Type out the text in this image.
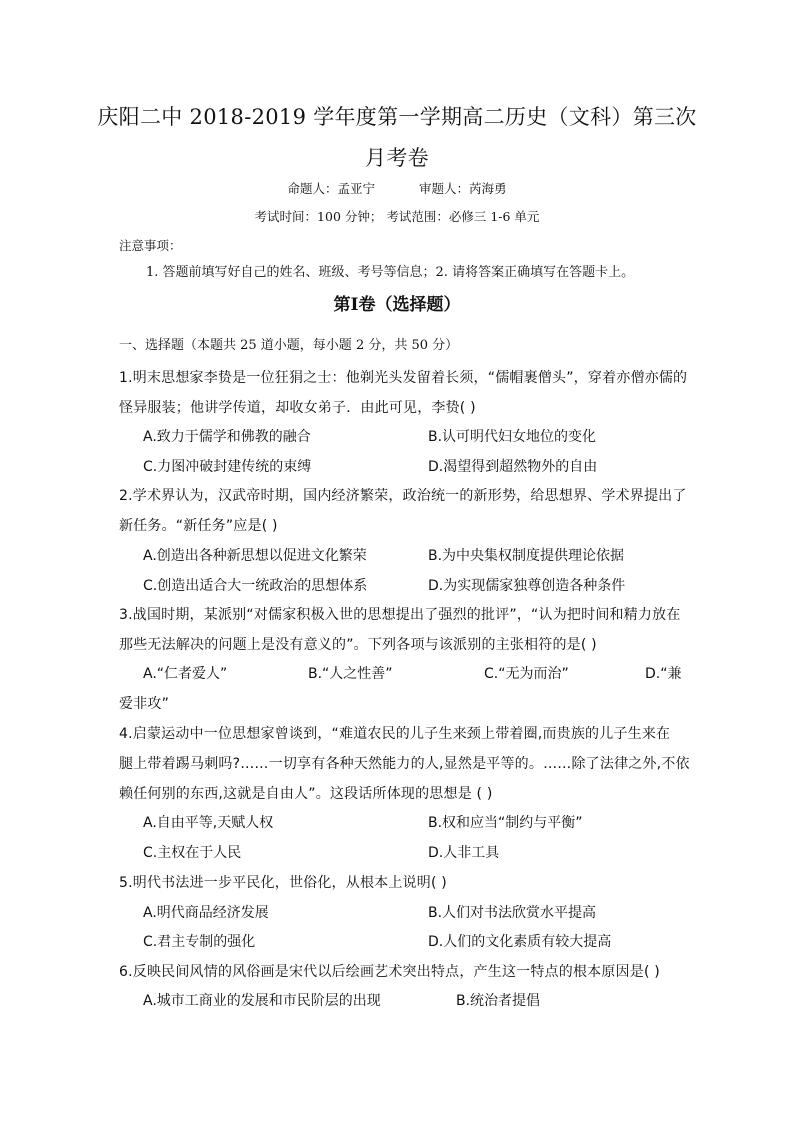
庆阳二中 2018-2019 学年度第一学期高二历史（文科）第三次
月考卷
命题人：孟亚宁	审题人：芮海勇
考试时间：100 分钟； 考试范围：必修三 1-6 单元
注意事项：
1. 答题前填写好自己的姓名、班级、考号等信息；2. 请将答案正确填写在答题卡上。
第Ⅰ卷（选择题）
一、选择题（本题共 25 道小题，每小题 2 分，共 50 分）
1.明末思想家李贽是一位狂狷之士：他剃光头发留着长须，“儒帽裹僧头”，穿着亦僧亦儒的
怪异服装；他讲学传道，却收女弟子．由此可见，李贽( )
A.致力于儒学和佛教的融合	B.认可明代妇女地位的变化
C.力图冲破封建传统的束缚	D.渴望得到超然物外的自由
2.学术界认为，汉武帝时期，国内经济繁荣，政治统一的新形势，给思想界、学术界提出了
新任务。“新任务”应是( )
A.创造出各种新思想以促进文化繁荣	B.为中央集权制度提供理论依据
C.创造出适合大一统政治的思想体系	D.为实现儒家独尊创造各种条件
3.战国时期，某派别“对儒家积极入世的思想提出了强烈的批评”，“认为把时间和精力放在
那些无法解决的问题上是没有意义的”。下列各项与该派别的主张相符的是( )
A.“仁者爱人”	B.“人之性善”	C.“无为而治”	D.“兼
爱非攻”
4.启蒙运动中一位思想家曾谈到，“难道农民的儿子生来颈上带着圈,而贵族的儿子生来在
腿上带着踢马刺吗?……一切享有各种天然能力的人,显然是平等的。……除了法律之外,不依
赖任何别的东西,这就是自由人”。这段话所体现的思想是 ( )
A.自由平等,天赋人权	B.权和应当“制约与平衡”
C.主权在于人民	D.人非工具
5.明代书法进一步平民化，世俗化，从根本上说明( )
A.明代商品经济发展	B.人们对书法欣赏水平提高
C.君主专制的强化	D.人们的文化素质有较大提高
6.反映民间风情的风俗画是宋代以后绘画艺术突出特点，产生这一特点的根本原因是( )
A.城市工商业的发展和市民阶层的出现	B.统治者提倡
